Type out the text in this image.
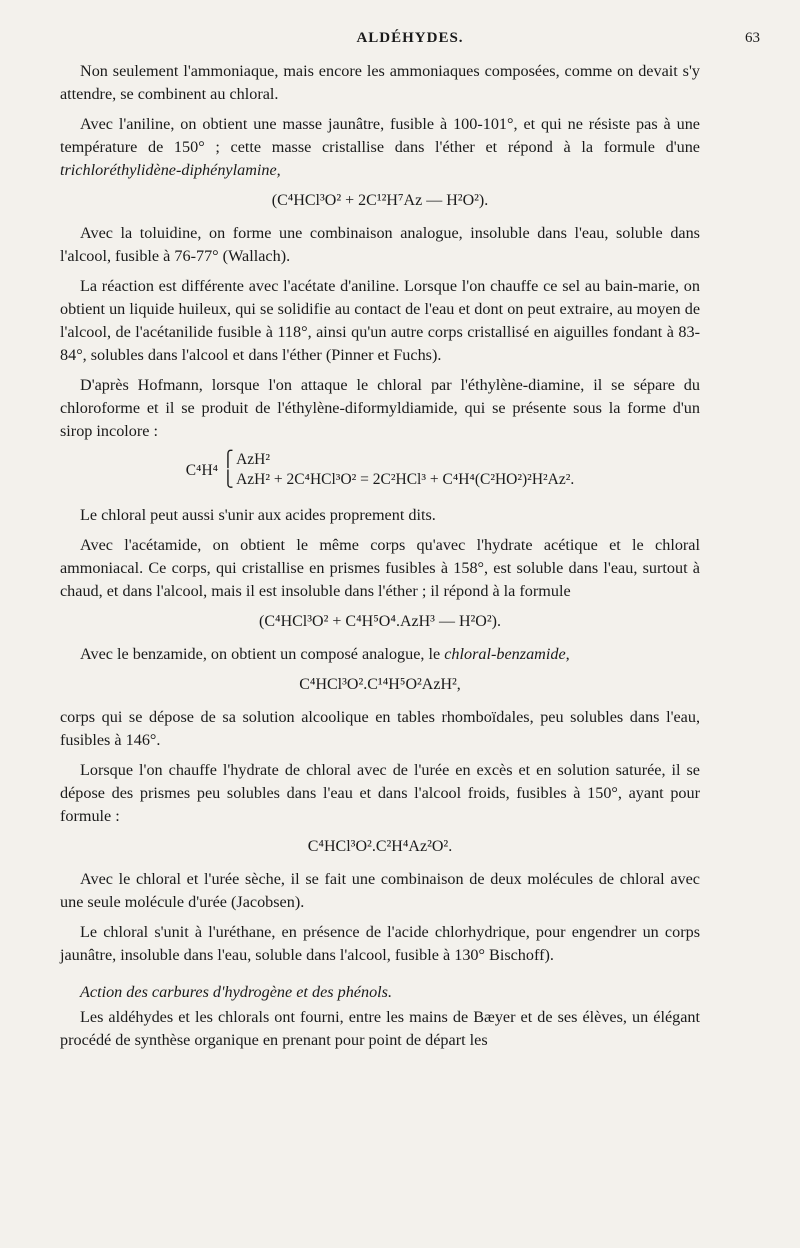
ALDÉHYDES.	63

Non seulement l'ammoniaque, mais encore les ammoniaques composées, comme on devait s'y attendre, se combinent au chloral.

Avec l'aniline, on obtient une masse jaunâtre, fusible à 100-101°, et qui ne résiste pas à une température de 150° ; cette masse cristallise dans l'éther et répond à la formule d'une trichloréthylidène-diphénylamine,

(C⁴HCl³O² + 2C¹²H⁷Az — H²O²).

Avec la toluidine, on forme une combinaison analogue, insoluble dans l'eau, soluble dans l'alcool, fusible à 76-77° (Wallach).

La réaction est différente avec l'acétate d'aniline. Lorsque l'on chauffe ce sel au bain-marie, on obtient un liquide huileux, qui se solidifie au contact de l'eau et dont on peut extraire, au moyen de l'alcool, de l'acétanilide fusible à 118°, ainsi qu'un autre corps cristallisé en aiguilles fondant à 83-84°, solubles dans l'alcool et dans l'éther (Pinner et Fuchs).

D'après Hofmann, lorsque l'on attaque le chloral par l'éthylène-diamine, il se sépare du chloroforme et il se produit de l'éthylène-diformyldiamide, qui se présente sous la forme d'un sirop incolore :

C⁴H⁴
⎧ AzH²
⎩ AzH² + 2C⁴HCl³O² = 2C²HCl³ + C⁴H⁴(C²HO²)²H²Az².

Le chloral peut aussi s'unir aux acides proprement dits.

Avec l'acétamide, on obtient le même corps qu'avec l'hydrate acétique et le chloral ammoniacal. Ce corps, qui cristallise en prismes fusibles à 158°, est soluble dans l'eau, surtout à chaud, et dans l'alcool, mais il est insoluble dans l'éther ; il répond à la formule

(C⁴HCl³O² + C⁴H⁵O⁴.AzH³ — H²O²).

Avec le benzamide, on obtient un composé analogue, le chloral-benzamide,

C⁴HCl³O².C¹⁴H⁵O²AzH²,

corps qui se dépose de sa solution alcoolique en tables rhomboïdales, peu solubles dans l'eau, fusibles à 146°.

Lorsque l'on chauffe l'hydrate de chloral avec de l'urée en excès et en solution saturée, il se dépose des prismes peu solubles dans l'eau et dans l'alcool froids, fusibles à 150°, ayant pour formule :

C⁴HCl³O².C²H⁴Az²O².

Avec le chloral et l'urée sèche, il se fait une combinaison de deux molécules de chloral avec une seule molécule d'urée (Jacobsen).

Le chloral s'unit à l'uréthane, en présence de l'acide chlorhydrique, pour engendrer un corps jaunâtre, insoluble dans l'eau, soluble dans l'alcool, fusible à 130° Bischoff).

Action des carbures d'hydrogène et des phénols.

Les aldéhydes et les chlorals ont fourni, entre les mains de Bæyer et de ses élèves, un élégant procédé de synthèse organique en prenant pour point de départ les
